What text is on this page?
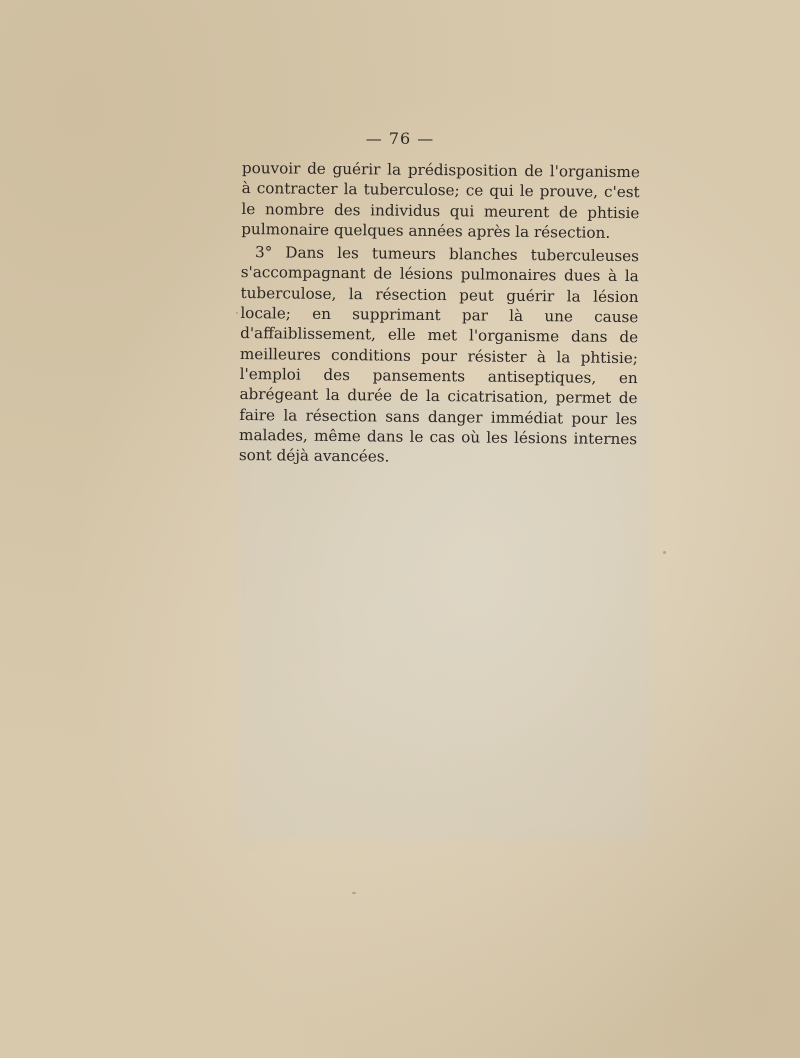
— 76 —

pouvoir de guérir la prédisposition de l'organisme à contracter la tuberculose; ce qui le prouve, c'est le nombre des individus qui meurent de phtisie pulmonaire quelques années après la résection.

3° Dans les tumeurs blanches tuberculeuses s'accompagnant de lésions pulmonaires dues à la tuberculose, la résection peut guérir la lésion locale; en supprimant par là une cause d'affaiblissement, elle met l'organisme dans de meilleures conditions pour résister à la phtisie; l'emploi des pansements antiseptiques, en abrégeant la durée de la cicatrisation, permet de faire la résection sans danger immédiat pour les malades, même dans le cas où les lésions internes sont déjà avancées.
